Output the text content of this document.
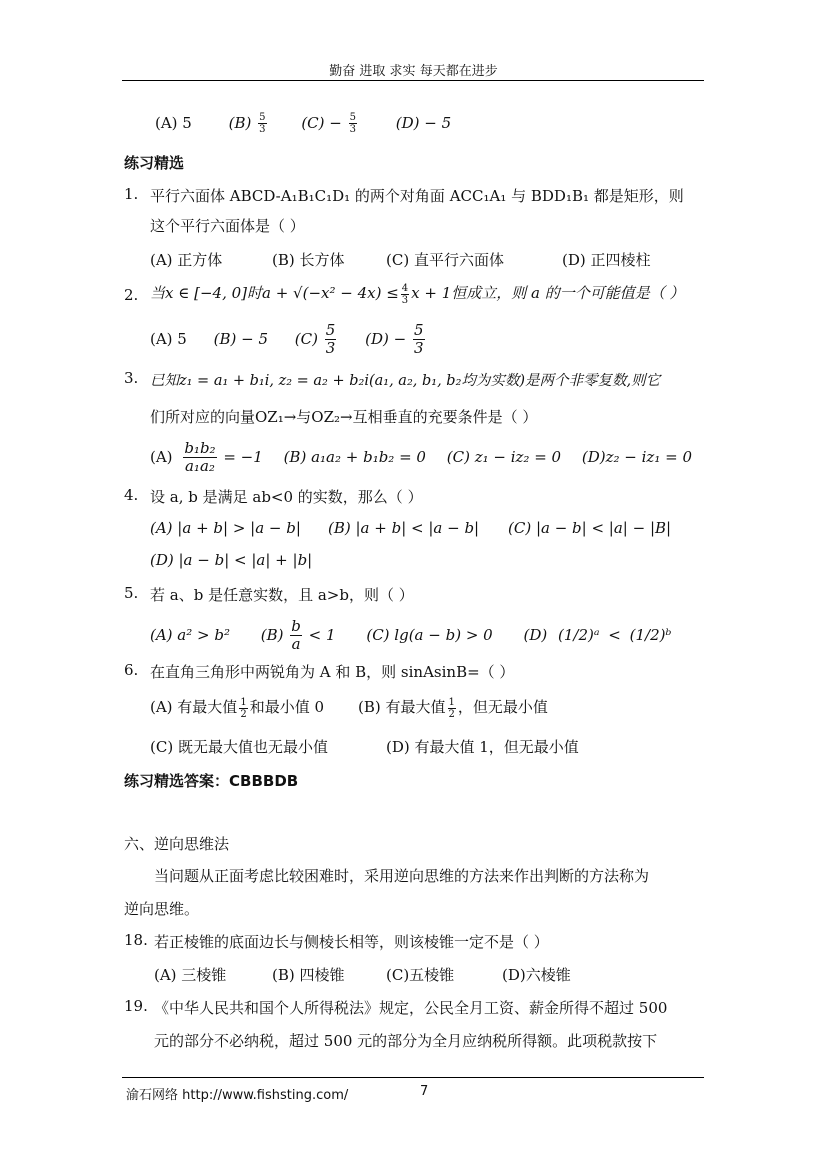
勤奋 进取 求实 每天都在进步
(A) 5 $(B) \frac{5}{3} (C) - \frac{5}{3}$	(D) − 5
练习精选
1. 平行六面体 ABCD-A₁B₁C₁D₁ 的两个对角面 ACC₁A₁ 与 BDD₁B₁ 都是矩形，则
这个平行六面体是（ ）
(A) 正方体	(B) 长方体	(C) 直平行六面体	(D) 正四棱柱
2. 当x ∈ [−4, 0]时$a + √(-x^2 - 4x) \le \frac{4}{3}$ x + 1恒成立，则 a 的一个可能值是（ ）
(A) 5 (B) − 5 $(C) \frac{5}{3} (D) - \frac{5}{3}$
3. 已知z₁ = a₁ + b₁i, z₂ = a₂ + b₂i(a₁, a₂, b₁, b₂均为实数)是两个非零复数,则它
们所对应的向量OZ₁→与OZ₂→互相垂直的充要条件是（ ）
$(A) \frac{\text{b₁b₂}}{\text{a₁a₂}} = -1$ (B) a₁a₂ + b₁b₂ = 0 (C) z₁ − iz₂ = 0 (D)z₂ − iz₁ = 0
4. 设 a, b 是满足 ab<0 的实数，那么（ ）
(A) |a + b| > |a − b| (B) |a + b| < |a − b| (C) |a − b| < |a| − |B|
(D) |a − b| < |a| + |b|
5. 若 a、b 是任意实数，且 a>b，则（ ）
(A) a² > b² $(B) \frac{b}{a} < 1$ (C) lg(a − b) > 0 (D) (1/2)ᵃ < (1/2)ᵇ
6. 在直角三角形中两锐角为 A 和 B，则 sinAsinB=（ ）
(A) 有最大值 $\frac{1}{2}$ 和最小值 0 (B) 有最大值 $\frac{1}{2}$ ，但无最小值
(C) 既无最大值也无最小值	(D) 有最大值 1，但无最小值
练习精选答案：CBBBDB
六、逆向思维法
当问题从正面考虑比较困难时，采用逆向思维的方法来作出判断的方法称为
逆向思维。
18. 若正棱锥的底面边长与侧棱长相等，则该棱锥一定不是（ ）
(A) 三棱锥	(B) 四棱锥	(C)五棱锥	(D)六棱锥
19. 《中华人民共和国个人所得税法》规定，公民全月工资、薪金所得不超过 500
元的部分不必纳税，超过 500 元的部分为全月应纳税所得额。此项税款按下
渝石网络 http://www.fishsting.com/	7
